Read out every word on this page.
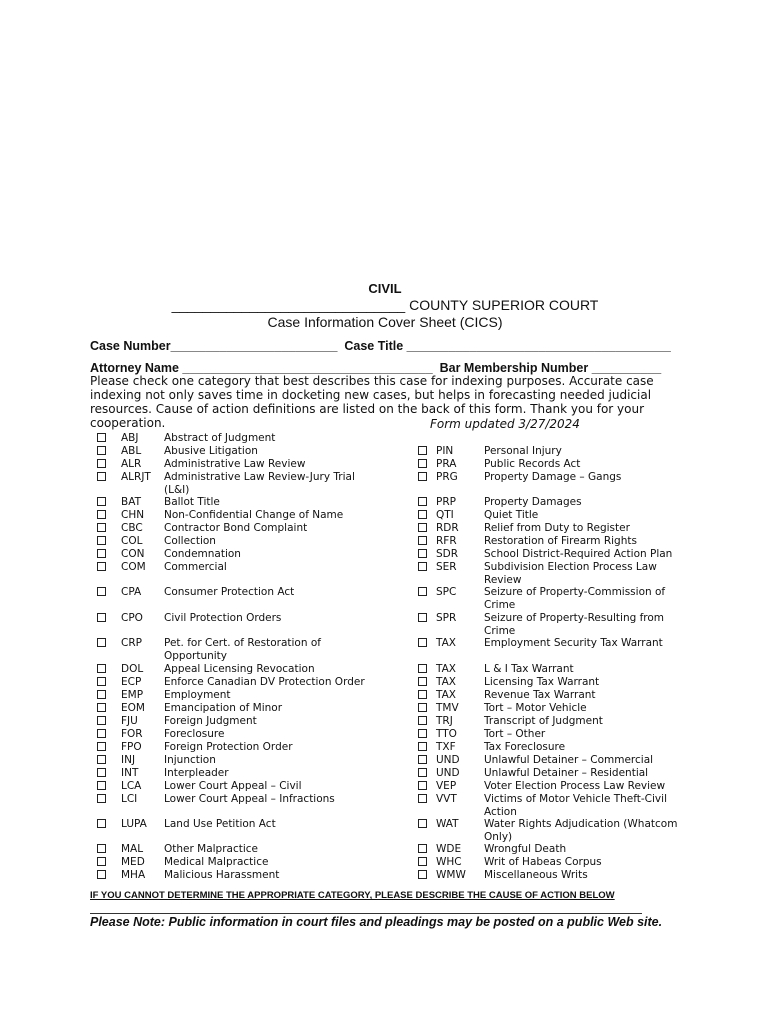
CIVIL
______________________________ COUNTY SUPERIOR COURT
Case Information Cover Sheet (CICS)
Case Number________________________  Case Title ______________________________________
Attorney Name ____________________________________  Bar Membership Number __________
Please check one category that best describes this case for indexing purposes. Accurate case indexing not only saves time in docketing new cases, but helps in forecasting needed judicial resources. Cause of action definitions are listed on the back of this form. Thank you for your cooperation.	Form updated 3/27/2024
ABJ Abstract of Judgment
ABL Abusive Litigation
ALR Administrative Law Review
ALRJT Administrative Law Review-Jury Trial (L&I)
BAT Ballot Title
CHN Non-Confidential Change of Name
CBC Contractor Bond Complaint
COL Collection
CON Condemnation
COM Commercial
CPA Consumer Protection Act
CPO Civil Protection Orders
CRP Pet. for Cert. of Restoration of Opportunity
DOL Appeal Licensing Revocation
ECP Enforce Canadian DV Protection Order
EMP Employment
EOM Emancipation of Minor
FJU Foreign Judgment
FOR Foreclosure
FPO Foreign Protection Order
INJ	Injunction
INT Interpleader
LCA Lower Court Appeal – Civil
LCI	Lower Court Appeal – Infractions
LUPA Land Use Petition Act
MAL Other Malpractice
MED Medical Malpractice
MHA Malicious Harassment
PIN	Personal Injury
PRA	Public Records Act
PRG Property Damage – Gangs
PRP	Property Damages
QTI	Quiet Title
RDR Relief from Duty to Register
RFR	Restoration of Firearm Rights
SDR School District-Required Action Plan
SER	Subdivision Election Process Law Review
SPC	Seizure of Property-Commission of Crime
SPR	Seizure of Property-Resulting from Crime
TAX	Employment Security Tax Warrant
TAX	L & I Tax Warrant
TAX	Licensing Tax Warrant
TAX	Revenue Tax Warrant
TMV Tort – Motor Vehicle
TRJ	Transcript of Judgment
TTO	Tort – Other
TXF	Tax Foreclosure
UND Unlawful Detainer – Commercial
UND Unlawful Detainer – Residential
VEP	Voter Election Process Law Review
VVT	Victims of Motor Vehicle Theft-Civil Action
WAT Water Rights Adjudication (Whatcom Only)
WDE Wrongful Death
WHC Writ of Habeas Corpus
WMW Miscellaneous Writs
IF YOU CANNOT DETERMINE THE APPROPRIATE CATEGORY, PLEASE DESCRIBE THE CAUSE OF ACTION BELOW
Please Note: Public information in court files and pleadings may be posted on a public Web site.
